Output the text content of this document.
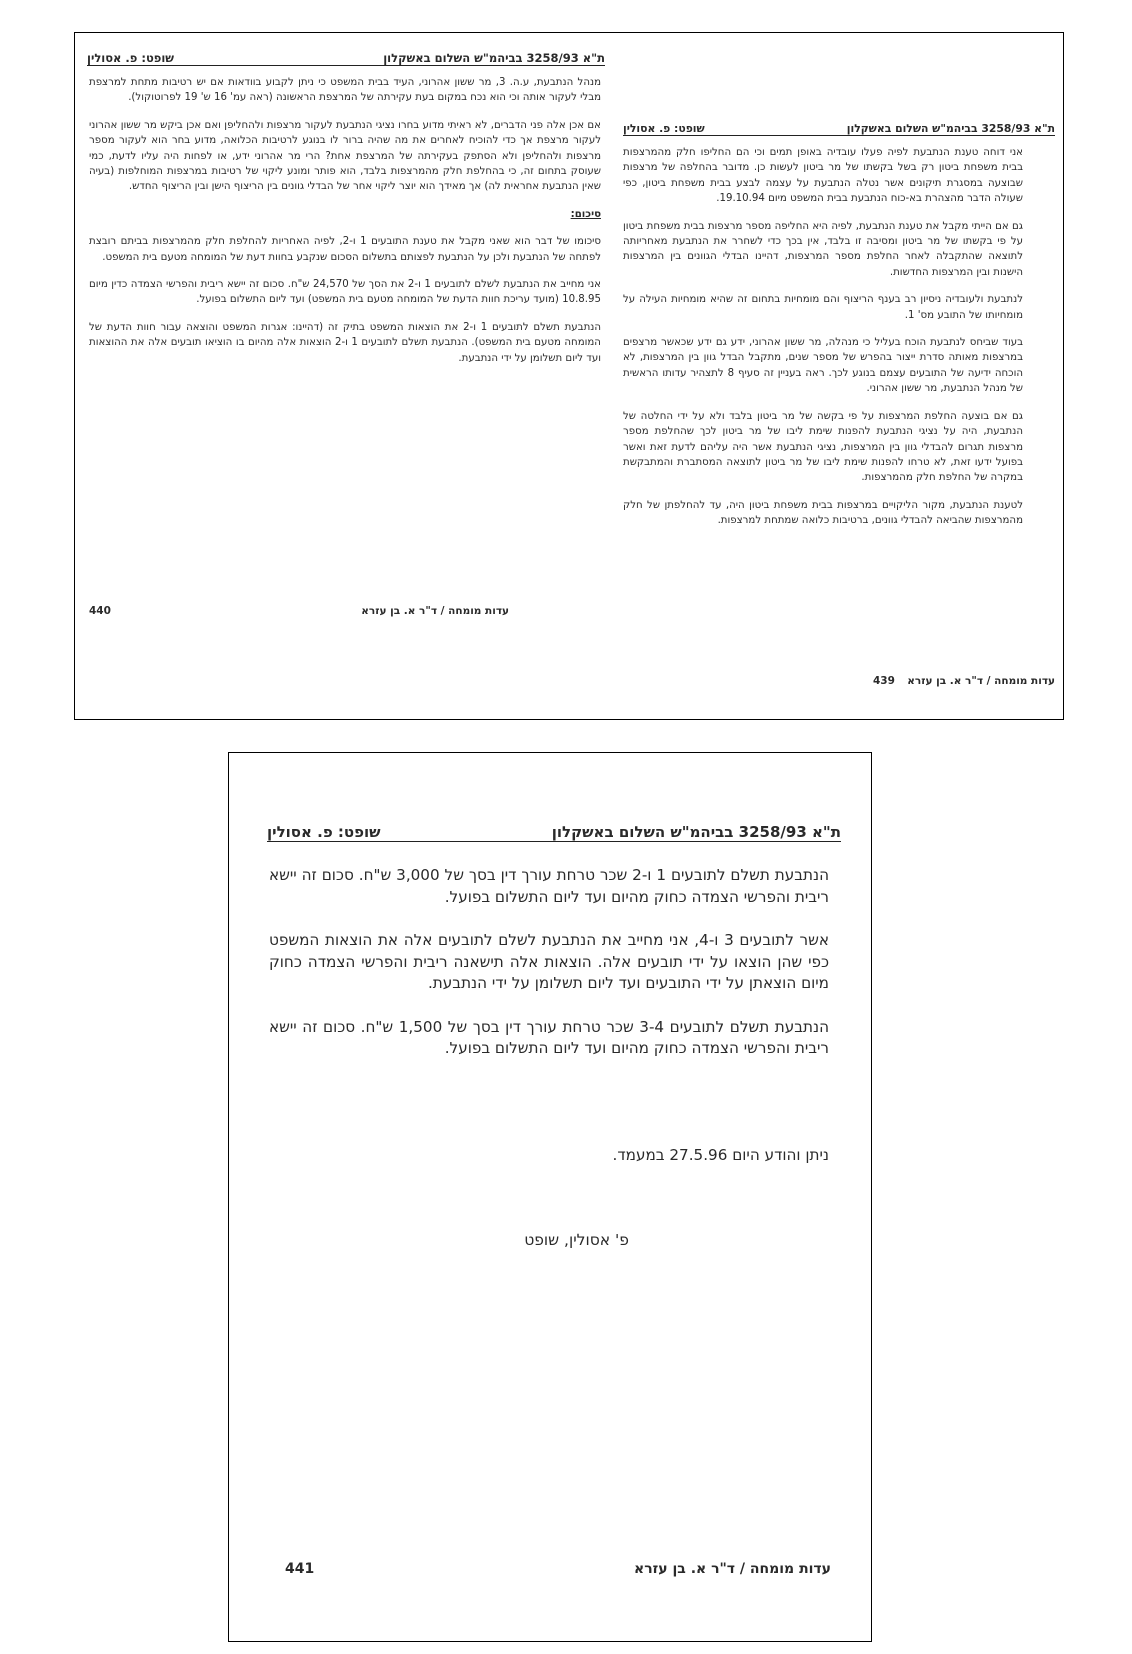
ת"א 3258/93 בביהמ"ש השלום באשקלון
שופט: פ. אסולין

מנהל הנתבעת, ע.ה. 3, מר ששון אהרוני, העיד בבית המשפט כי ניתן לקבוע בוודאות אם יש רטיבות מתחת למרצפת מבלי לעקור אותה וכי הוא נכח במקום בעת עקירתה של המרצפת הראשונה (ראה עמ' 16 ש' 19 לפרוטוקול).

אם אכן אלה פני הדברים, לא ראיתי מדוע בחרו נציגי הנתבעת לעקור מרצפות ולהחליפן ואם אכן ביקש מר ששון אהרוני לעקור מרצפת אך כדי להוכיח לאחרים את מה שהיה ברור לו בנוגע לרטיבות הכלואה, מדוע בחר הוא לעקור מספר מרצפות ולהחליפן ולא הסתפק בעקירתה של המרצפת אחת? הרי מר אהרוני ידע, או לפחות היה עליו לדעת, כמי שעוסק בתחום זה, כי בהחלפת חלק מהמרצפות בלבד, הוא פותר ומונע ליקוי של רטיבות במרצפות המוחלפות (בעיה שאין הנתבעת אחראית לה) אך מאידך הוא יוצר ליקוי אחר של הבדלי גוונים בין הריצוף הישן ובין הריצוף החדש.

סיכום:

סיכומו של דבר הוא שאני מקבל את טענת התובעים 1 ו-2, לפיה האחריות להחלפת חלק מהמרצפות בביתם רובצת לפתחה של הנתבעת ולכן על הנתבעת לפצותם בתשלום הסכום שנקבע בחוות דעת של המומחה מטעם בית המשפט.

אני מחייב את הנתבעת לשלם לתובעים 1 ו-2 את הסך של 24,570 ש"ח. סכום זה יישא ריבית והפרשי הצמדה כדין מיום 10.8.95 (מועד עריכת חוות הדעת של המומחה מטעם בית המשפט) ועד ליום התשלום בפועל.

הנתבעת תשלם לתובעים 1 ו-2 את הוצאות המשפט בתיק זה (דהיינו: אגרות המשפט והוצאה עבור חוות הדעת של המומחה מטעם בית המשפט). הנתבעת תשלם לתובעים 1 ו-2 הוצאות אלה מהיום בו הוציאו תובעים אלה את ההוצאות ועד ליום תשלומן על ידי הנתבעת.

עדות מומחה / ד"ר א. בן עזרא
440
ת"א 3258/93 בביהמ"ש השלום באשקלון
שופט: פ. אסולין

אני דוחה טענת הנתבעת לפיה פעלו עובדיה באופן תמים וכי הם החליפו חלק מהמרצפות בבית משפחת ביטון רק בשל בקשתו של מר ביטון לעשות כן. מדובר בהחלפה של מרצפות שבוצעה במסגרת תיקונים אשר נטלה הנתבעת על עצמה לבצע בבית משפחת ביטון, כפי שעולה הדבר מהצהרת בא-כוח הנתבעת בבית המשפט מיום 19.10.94.

גם אם הייתי מקבל את טענת הנתבעת, לפיה היא החליפה מספר מרצפות בבית משפחת ביטון על פי בקשתו של מר ביטון ומסיבה זו בלבד, אין בכך כדי לשחרר את הנתבעת מאחריותה לתוצאה שהתקבלה לאחר החלפת מספר המרצפות, דהיינו הבדלי הגוונים בין המרצפות הישנות ובין המרצפות החדשות.

לנתבעת ולעובדיה ניסיון רב בענף הריצוף והם מומחיות בתחום זה שהיא מומחיות העילה על מומחיותו של התובע מס' 1.

בעוד שביחס לנתבעת הוכח בעליל כי מנהלה, מר ששון אהרוני, ידע גם ידע שכאשר מרצפים במרצפות מאותה סדרת ייצור בהפרש של מספר שנים, מתקבל הבדל גוון בין המרצפות, לא הוכחה ידיעה של התובעים עצמם בנוגע לכך. ראה בעניין זה סעיף 8 לתצהיר עדותו הראשית של מנהל הנתבעת, מר ששון אהרוני.

גם אם בוצעה החלפת המרצפות על פי בקשה של מר ביטון בלבד ולא על ידי החלטה של הנתבעת, היה על נציגי הנתבעת להפנות שימת ליבו של מר ביטון לכך שהחלפת מספר מרצפות תגרום להבדלי גוון בין המרצפות, נציגי הנתבעת אשר היה עליהם לדעת זאת ואשר בפועל ידעו זאת, לא טרחו להפנות שימת ליבו של מר ביטון לתוצאה המסתברת והמתבקשת במקרה של החלפת חלק מהמרצפות.

לטענת הנתבעת, מקור הליקויים במרצפות בבית משפחת ביטון היה, עד להחלפתן של חלק מהמרצפות שהביאה להבדלי גוונים, ברטיבות כלואה שמתחת למרצפות.

עדות מומחה / ד"ר א. בן עזרא
439
ת"א 3258/93 בביהמ"ש השלום באשקלון
שופט: פ. אסולין

הנתבעת תשלם לתובעים 1 ו-2 שכר טרחת עורך דין בסך של 3,000 ש"ח. סכום זה יישא ריבית והפרשי הצמדה כחוק מהיום ועד ליום התשלום בפועל.

אשר לתובעים 3 ו-4, אני מחייב את הנתבעת לשלם לתובעים אלה את הוצאות המשפט כפי שהן הוצאו על ידי תובעים אלה. הוצאות אלה תישאנה ריבית והפרשי הצמדה כחוק מיום הוצאתן על ידי התובעים ועד ליום תשלומן על ידי הנתבעת.

הנתבעת תשלם לתובעים 3-4 שכר טרחת עורך דין בסך של 1,500 ש"ח. סכום זה יישא ריבית והפרשי הצמדה כחוק מהיום ועד ליום התשלום בפועל.

ניתן והודע היום 27.5.96 במעמד.

פ' אסולין, שופט

עדות מומחה / ד"ר א. בן עזרא
441
